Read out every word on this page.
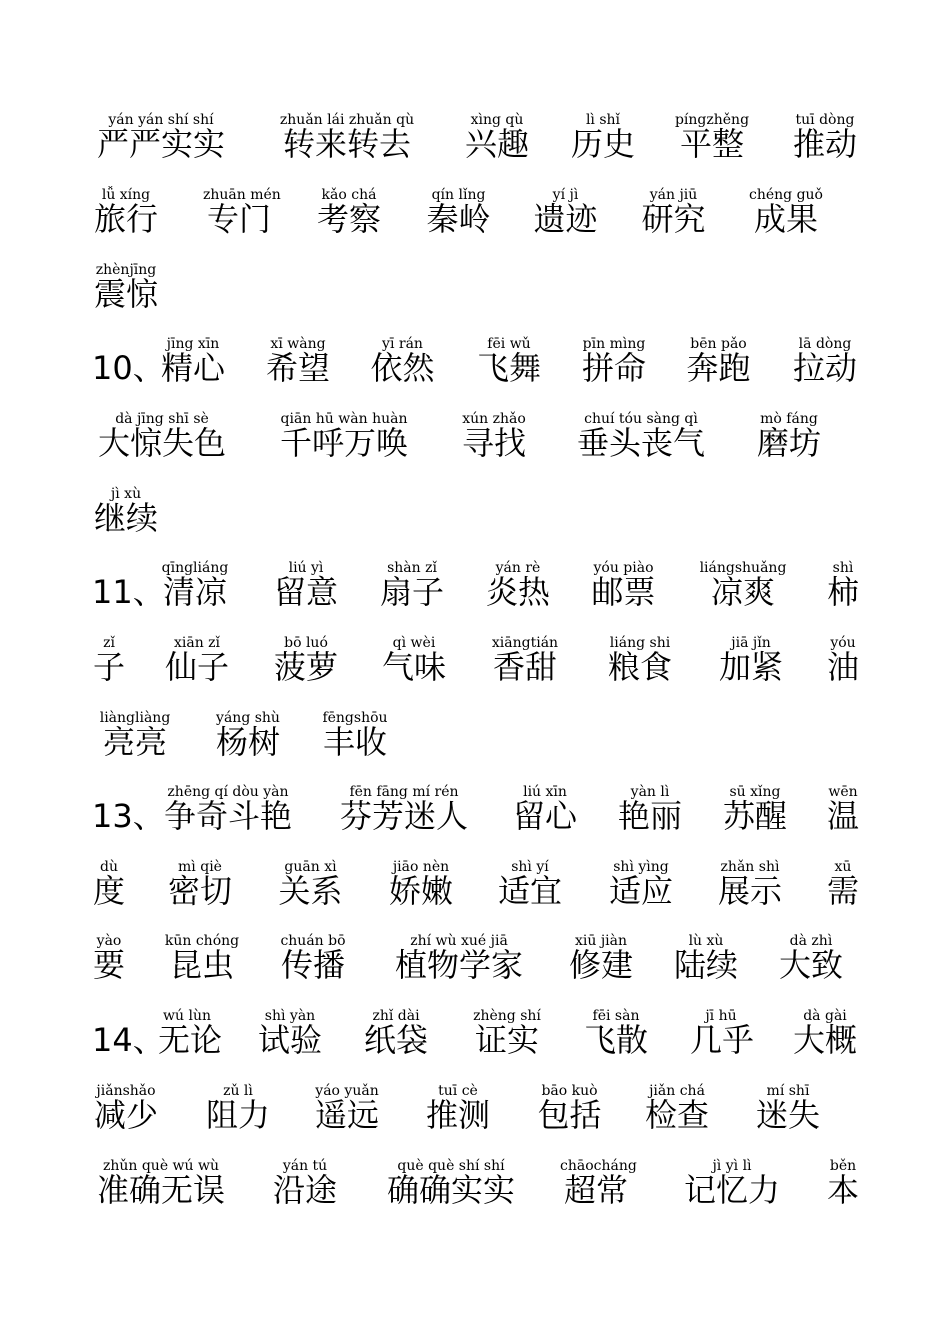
yán yán shí shí
严严实实
zhuǎn lái zhuǎn qù
转来转去
xìng qù
兴趣
lì shǐ
历史
píngzhěng
平整
tuī dòng
推动
lǚ xíng
旅行
zhuān mén
专门
kǎo chá
考察
qín lǐng
秦岭
yí jì
遗迹
yán jiū
研究
chéng guǒ
成果
zhènjīng
震惊
10、
jīng xīn
精心
xī wàng
希望
yī rán
依然
fēi wǔ
飞舞
pīn mìng
拼命
bēn pǎo
奔跑
lā dòng
拉动
dà jīng shī sè
大惊失色
qiān hū wàn huàn
千呼万唤
xún zhǎo
寻找
chuí tóu sàng qì
垂头丧气
mò fáng
磨坊
jì xù
继续
11、
qīngliáng
清凉
liú yì
留意
shàn zǐ
扇子
yán rè
炎热
yóu piào
邮票
liángshuǎng
凉爽
shì
柿
zǐ
子
xiān zǐ
仙子
bō luó
菠萝
qì wèi
气味
xiāngtián
香甜
liáng shi
粮食
jiā jǐn
加紧
yóu
油
liàngliàng
亮亮
yáng shù
杨树
fēngshōu
丰收
13、
zhēng qí dòu yàn
争奇斗艳
fēn fāng mí rén
芬芳迷人
liú xīn
留心
yàn lì
艳丽
sū xǐng
苏醒
wēn
温
dù
度
mì qiè
密切
guān xì
关系
jiāo nèn
娇嫩
shì yí
适宜
shì yìng
适应
zhǎn shì
展示
xū
需
yào
要
kūn chóng
昆虫
chuán bō
传播
zhí wù xué jiā
植物学家
xiū jiàn
修建
lù xù
陆续
dà zhì
大致
14、
wú lùn
无论
shì yàn
试验
zhǐ dài
纸袋
zhèng shí
证实
fēi sàn
飞散
jī hū
几乎
dà gài
大概
jiǎnshǎo
减少
zǔ lì
阻力
yáo yuǎn
遥远
tuī cè
推测
bāo kuò
包括
jiǎn chá
检查
mí shī
迷失
zhǔn què wú wù
准确无误
yán tú
沿途
què què shí shí
确确实实
chāocháng
超常
jì yì lì
记忆力
běn
本
